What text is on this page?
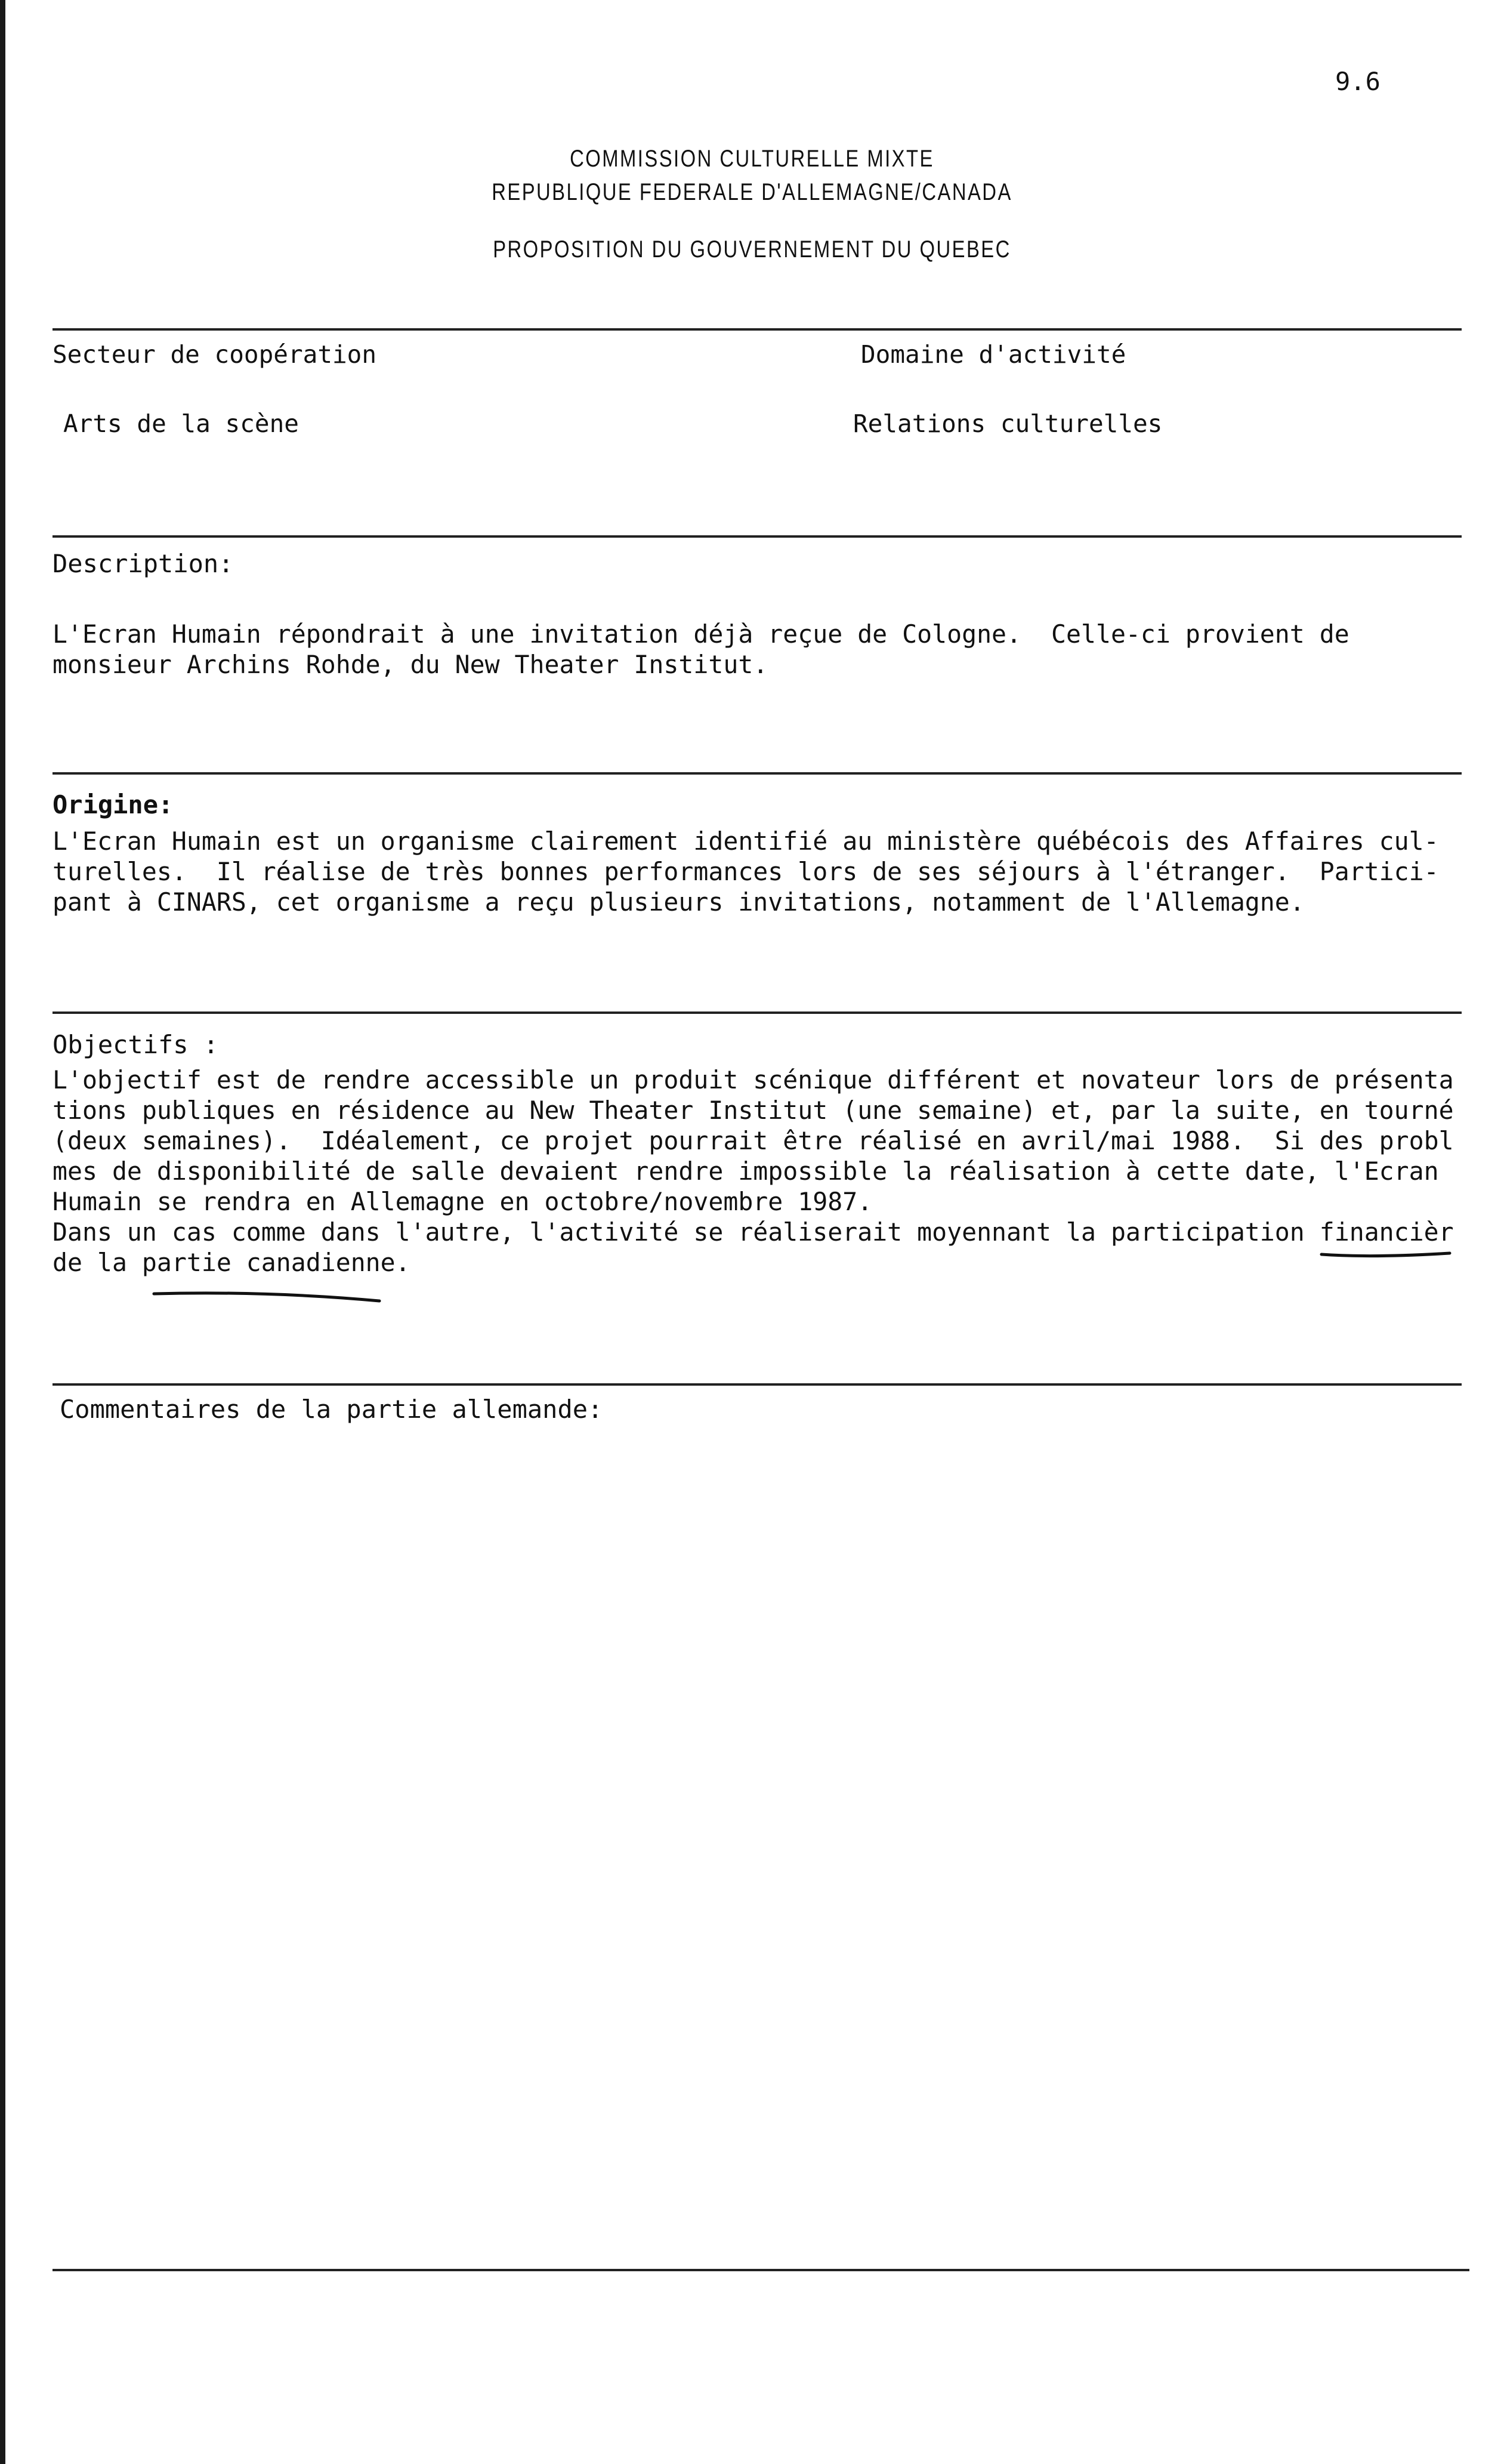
9.6
COMMISSION CULTURELLE MIXTE
REPUBLIQUE FEDERALE D'ALLEMAGNE/CANADA
PROPOSITION DU GOUVERNEMENT DU QUEBEC
Secteur de coopération	Domaine d'activité
Arts de la scène	Relations culturelles
Description:
L'Ecran Humain répondrait à une invitation déjà reçue de Cologne.  Celle-ci provient de
monsieur Archins Rohde, du New Theater Institut.
Origine:
L'Ecran Humain est un organisme clairement identifié au ministère québécois des Affaires cul-
turelles.  Il réalise de très bonnes performances lors de ses séjours à l'étranger.  Partici-
pant à CINARS, cet organisme a reçu plusieurs invitations, notamment de l'Allemagne.
Objectifs :
L'objectif est de rendre accessible un produit scénique différent et novateur lors de présenta
tions publiques en résidence au New Theater Institut (une semaine) et, par la suite, en tourné
(deux semaines).  Idéalement, ce projet pourrait être réalisé en avril/mai 1988.  Si des probl
mes de disponibilité de salle devaient rendre impossible la réalisation à cette date, l'Ecran
Humain se rendra en Allemagne en octobre/novembre 1987.
Dans un cas comme dans l'autre, l'activité se réaliserait moyennant la participation financièr
de la partie canadienne.
Commentaires de la partie allemande:
